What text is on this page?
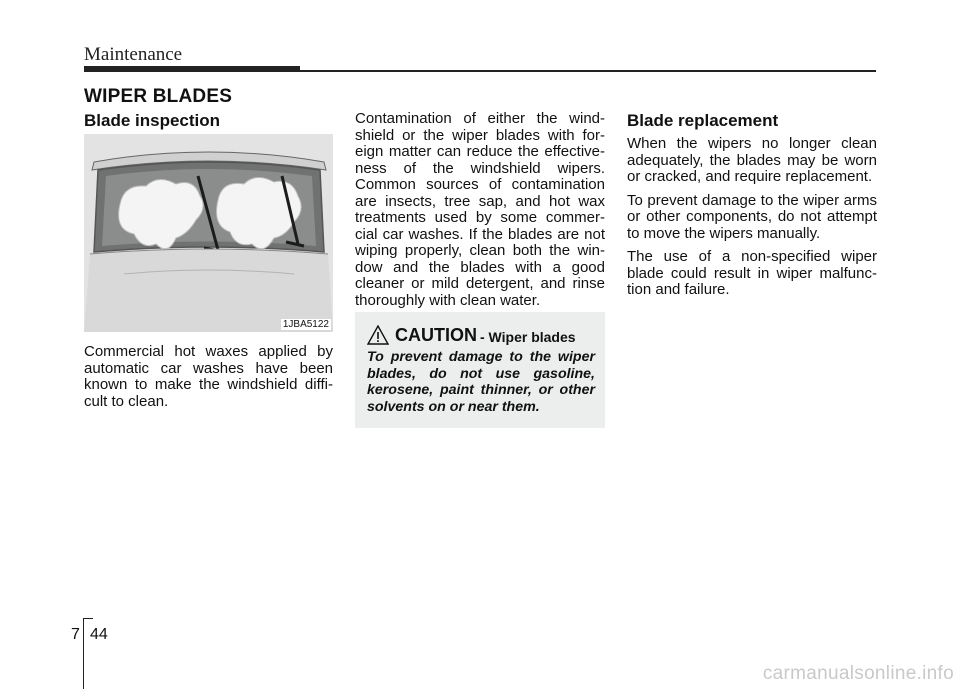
Maintenance
WIPER BLADES
Blade inspection
1JBA5122

Commercial hot waxes applied by automatic car washes have been known to make the windshield diffi-cult to clean.

Contamination of either the wind-shield or the wiper blades with for-eign matter can reduce the effective-ness of the windshield wipers. Common sources of contamination are insects, tree sap, and hot wax treatments used by some commer-cial car washes. If the blades are not wiping properly, clean both the win-dow and the blades with a good cleaner or mild detergent, and rinse thoroughly with clean water.

CAUTION - Wiper blades

To prevent damage to the wiper blades, do not use gasoline, kerosene, paint thinner, or other solvents on or near them.

Blade replacement

When the wipers no longer clean adequately, the blades may be worn or cracked, and require replacement.

To prevent damage to the wiper arms or other components, do not attempt to move the wipers manually.

The use of a non-specified wiper blade could result in wiper malfunc-tion and failure.

7 44
carmanualsonline.info
